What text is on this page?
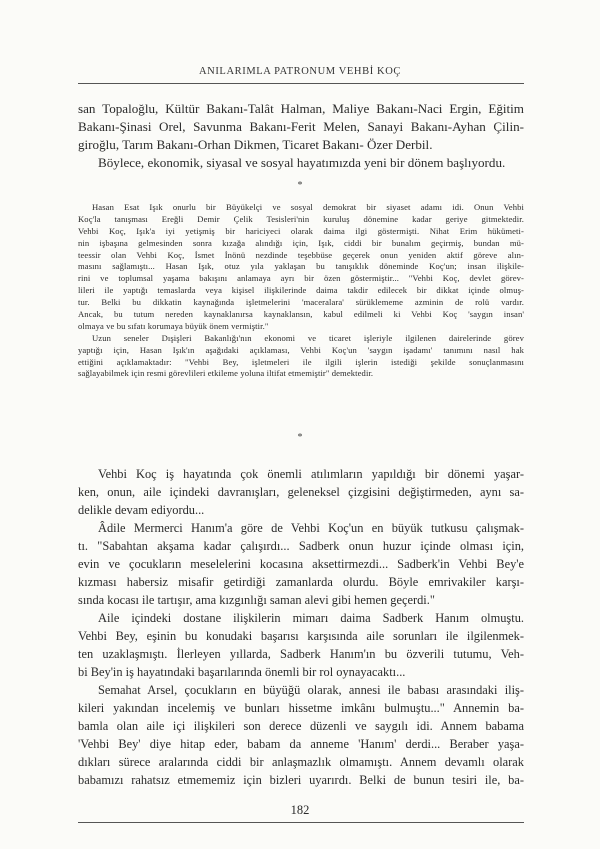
ANILARIMLA PATRONUM VEHBİ KOÇ
san Topaloğlu, Kültür Bakanı-Talât Halman, Maliye Bakanı-Naci Ergin, Eğitim
Bakanı-Şinasi Orel, Savunma Bakanı-Ferit Melen, Sanayi Bakanı-Ayhan Çilin-
giroğlu, Tarım Bakanı-Orhan Dikmen, Ticaret Bakanı- Özer Derbil.
Böylece, ekonomik, siyasal ve sosyal hayatımızda yeni bir dönem başlıyordu.
*
Hasan Esat Işık onurlu bir Büyükelçi ve sosyal demokrat bir siyaset adamı idi. Onun Vehbi
Koç'la tanışması Ereğli Demir Çelik Tesisleri'nin kuruluş dönemine kadar geriye gitmektedir.
Vehbi Koç, Işık'a iyi yetişmiş bir hariciyeci olarak daima ilgi göstermişti. Nihat Erim hükümeti-
nin işbaşına gelmesinden sonra kızağa alındığı için, Işık, ciddi bir bunalım geçirmiş, bundan mü-
teessir olan Vehbi Koç, İsmet İnönü nezdinde teşebbüse geçerek onun yeniden aktif göreve alın-
masını sağlamıştı... Hasan Işık, otuz yıla yaklaşan bu tanışıklık döneminde Koç'un; insan ilişkile-
rini ve toplumsal yaşama bakışını anlamaya ayrı bir özen göstermiştir... "Vehbi Koç, devlet görev-
lileri ile yaptığı temaslarda veya kişisel ilişkilerinde daima takdir edilecek bir dikkat içinde olmuş-
tur. Belki bu dikkatin kaynağında işletmelerini 'maceralara' sürüklememe azminin de rolü vardır.
Ancak, bu tutum nereden kaynaklanırsa kaynaklansın, kabul edilmeli ki Vehbi Koç 'saygın insan'
olmaya ve bu sıfatı korumaya büyük önem vermiştir."
Uzun seneler Dışişleri Bakanlığı'nın ekonomi ve ticaret işleriyle ilgilenen dairelerinde görev
yaptığı için, Hasan Işık'ın aşağıdaki açıklaması, Vehbi Koç'un 'saygın işadamı' tanımını nasıl hak
ettiğini açıklamaktadır: "Vehbi Bey, işletmeleri ile ilgili işlerin istediği şekilde sonuçlanmasını
sağlayabilmek için resmi görevlileri etkileme yoluna iltifat etmemiştir" demektedir.
*
Vehbi Koç iş hayatında çok önemli atılımların yapıldığı bir dönemi yaşar-
ken, onun, aile içindeki davranışları, geleneksel çizgisini değiştirmeden, aynı sa-
delikle devam ediyordu...
Âdile Mermerci Hanım'a göre de Vehbi Koç'un en büyük tutkusu çalışmak-
tı. "Sabahtan akşama kadar çalışırdı... Sadberk onun huzur içinde olması için,
evin ve çocukların meselelerini kocasına aksettirmezdi... Sadberk'in Vehbi Bey'e
kızması habersiz misafir getirdiği zamanlarda olurdu. Böyle emrivakiler karşı-
sında kocası ile tartışır, ama kızgınlığı saman alevi gibi hemen geçerdi."
Aile içindeki dostane ilişkilerin mimarı daima Sadberk Hanım olmuştu.
Vehbi Bey, eşinin bu konudaki başarısı karşısında aile sorunları ile ilgilenmek-
ten uzaklaşmıştı. İlerleyen yıllarda, Sadberk Hanım'ın bu özverili tutumu, Veh-
bi Bey'in iş hayatındaki başarılarında önemli bir rol oynayacaktı...
Semahat Arsel, çocukların en büyüğü olarak, annesi ile babası arasındaki iliş-
kileri yakından incelemiş ve bunları hissetme imkânı bulmuştu..." Annemin ba-
bamla olan aile içi ilişkileri son derece düzenli ve saygılı idi. Annem babama
'Vehbi Bey' diye hitap eder, babam da anneme 'Hanım' derdi... Beraber yaşa-
dıkları sürece aralarında ciddi bir anlaşmazlık olmamıştı. Annem devamlı olarak
babamızı rahatsız etmememiz için bizleri uyarırdı. Belki de bunun tesiri ile, ba-
182
